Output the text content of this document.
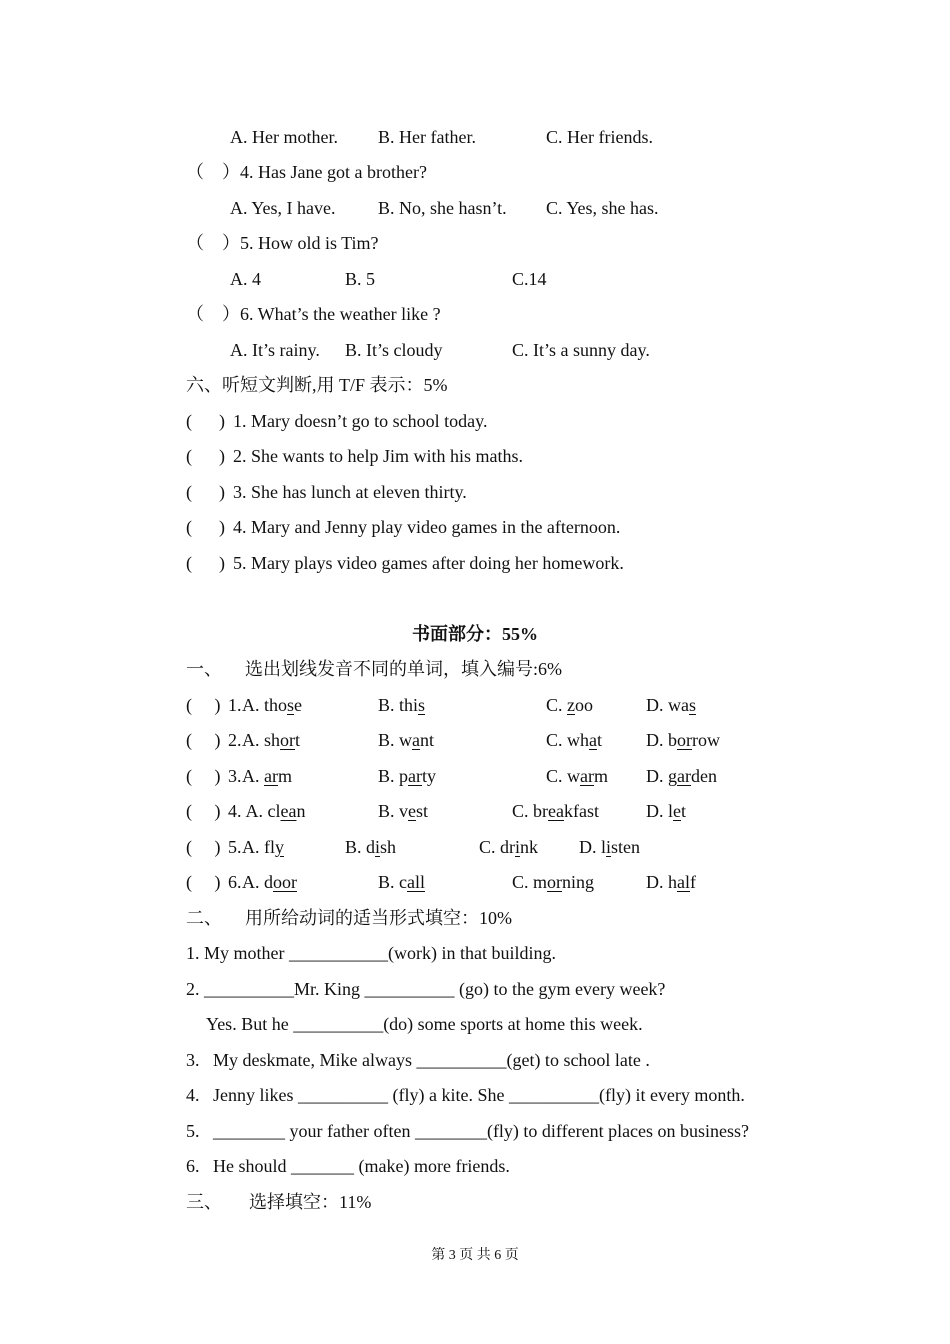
A. Her mother. B. Her father.	C. Her friends.
（　） 4. Has Jane got a brother?
A. Yes, I have. B. No, she hasn’t. C. Yes, she has.
（　） 5. How old is Tim?
A. 4	B. 5	C.14
（　） 6. What’s the weather like ?
A. It’s rainy. B. It’s cloudy	C. It’s a sunny day.
六、听短文判断,用 T/F 表示：5%
(      ) 1. Mary doesn’t go to school today.
(      ) 2. She wants to help Jim with his maths.
(      ) 3. She has lunch at eleven thirty.
(      ) 4. Mary and Jenny play video games in the afternoon.
(      ) 5. Mary plays video games after doing her homework.
书面部分：55%
一、 选出划线发音不同的单词，填入编号:6%
(     ) 1. A. those	B. this	C. zoo	D. was
(     ) 2. A. short	B. want	C. what D. borrow
(     ) 3. A. arm	B. party	C. warm D. garden
(     ) 4. A. clean	B. vest	C. breakfast	D. let
(     ) 5. A. fly	B. dish	C. drink D. listen
(     ) 6. A. door	B. call	C. morning	D. half
二、 用所给动词的适当形式填空：10%
1. My mother ___________(work) in that building.
2. __________Mr. King __________ (go) to the gym every week?
Yes. But he __________(do) some sports at home this week.
3.   My deskmate, Mike always __________(get) to school late .
4.   Jenny likes __________ (fly) a kite. She __________(fly) it every month.
5.   ________ your father often ________(fly) to different places on business?
6.   He should _______ (make) more friends.
三、 选择填空：11%
第 3 页 共 6 页
